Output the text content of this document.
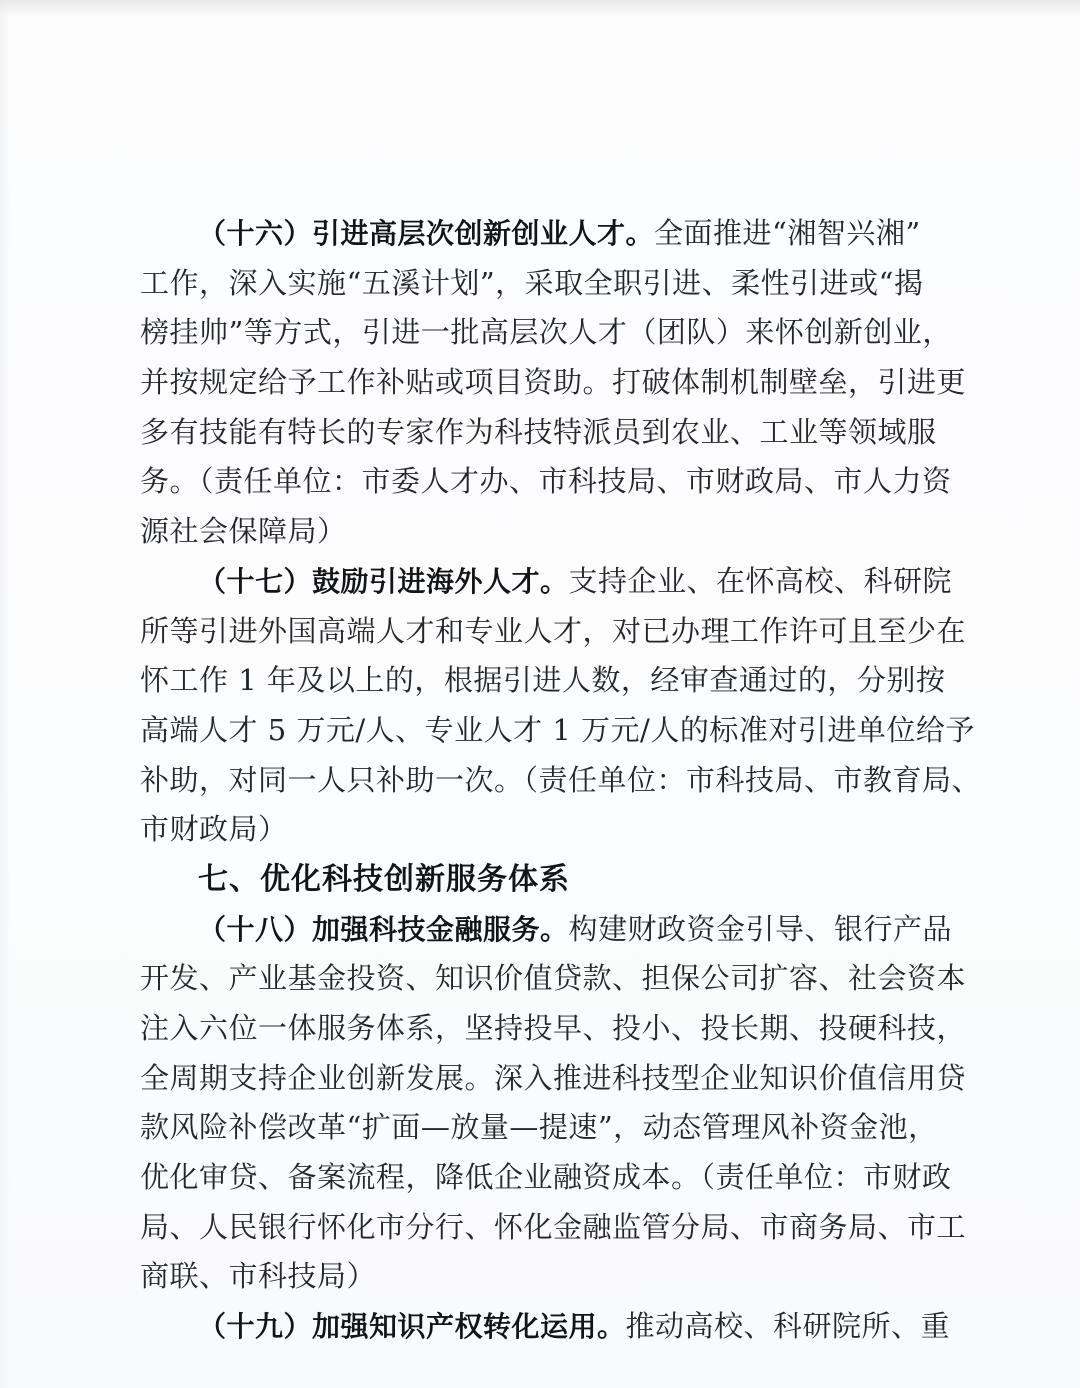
（十六）引进高层次创新创业人才。全面推进“湘智兴湘”
工作，深入实施“五溪计划”，采取全职引进、柔性引进或“揭
榜挂帅”等方式，引进一批高层次人才（团队）来怀创新创业，
并按规定给予工作补贴或项目资助。打破体制机制壁垒，引进更
多有技能有特长的专家作为科技特派员到农业、工业等领域服
务。（责任单位：市委人才办、市科技局、市财政局、市人力资
源社会保障局）
（十七）鼓励引进海外人才。支持企业、在怀高校、科研院
所等引进外国高端人才和专业人才，对已办理工作许可且至少在
怀工作 1 年及以上的，根据引进人数，经审查通过的，分别按
高端人才 5 万元/人、专业人才 1 万元/人的标准对引进单位给予
补助，对同一人只补助一次。（责任单位：市科技局、市教育局、
市财政局）
七、优化科技创新服务体系
（十八）加强科技金融服务。构建财政资金引导、银行产品
开发、产业基金投资、知识价值贷款、担保公司扩容、社会资本
注入六位一体服务体系，坚持投早、投小、投长期、投硬科技，
全周期支持企业创新发展。深入推进科技型企业知识价值信用贷
款风险补偿改革“扩面—放量—提速”，动态管理风补资金池，
优化审贷、备案流程，降低企业融资成本。（责任单位：市财政
局、人民银行怀化市分行、怀化金融监管分局、市商务局、市工
商联、市科技局）
（十九）加强知识产权转化运用。推动高校、科研院所、重
